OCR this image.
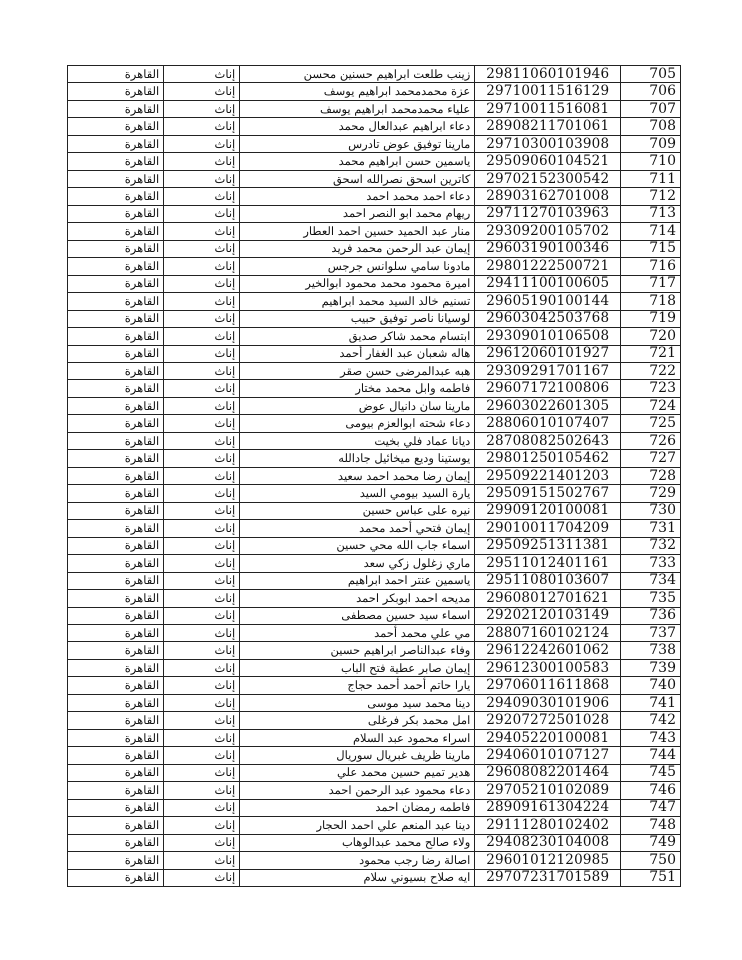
القاهرة	إناث	زينب طلعت ابراهيم حسنين محسن	29811060101946	705
القاهرة	إناث	عزة محمدمحمد ابراهيم يوسف	29710011516129	706
القاهرة	إناث	علياء محمدمحمد ابراهيم يوسف	29710011516081	707
القاهرة	إناث	دعاء ابراهيم عبدالعال محمد	28908211701061	708
القاهرة	إناث	مارينا توفيق عوض تادرس	29710300103908	709
القاهرة	إناث	ياسمين حسن ابراهيم محمد	29509060104521	710
القاهرة	إناث	كاترين اسحق نصرالله اسحق	29702152300542	711
القاهرة	إناث	دعاء احمد محمد احمد	28903162701008	712
القاهرة	إناث	ريهام محمد ابو النصر احمد	29711270103963	713
القاهرة	إناث	منار عبد الحميد حسين احمد العطار	29309200105702	714
القاهرة	إناث	إيمان عبد الرحمن محمد فريد	29603190100346	715
القاهرة	إناث	مادونا سامي سلوانس جرجس	29801222500721	716
القاهرة	إناث	اميرة محمود محمد محمود ابوالخير	29411100100605	717
القاهرة	إناث	تسنيم خالد السيد محمد ابراهيم	29605190100144	718
القاهرة	إناث	لوسيانا ناصر توفيق حبيب	29603042503768	719
القاهرة	إناث	ابتسام محمد شاكر صديق	29309010106508	720
القاهرة	إناث	هاله شعبان عبد الغفار أحمد	29612060101927	721
القاهرة	إناث	هبه عبدالمرضى حسن صقر	29309291701167	722
القاهرة	إناث	فاطمه وابل محمد مختار	29607172100806	723
القاهرة	إناث	مارينا سان دانيال عوض	29603022601305	724
القاهرة	إناث	دعاء شحته ابوالعزم بيومى	28806010107407	725
القاهرة	إناث	ديانا عماد فلي بخيت	28708082502643	726
القاهرة	إناث	يوستينا وديع ميخائيل جادالله	29801250105462	727
القاهرة	إناث	إيمان رضا محمد احمد سعيد	29509221401203	728
القاهرة	إناث	يارة السيد بيومي السيد	29509151502767	729
القاهرة	إناث	نيره على عباس حسين	29909120100081	730
القاهرة	إناث	إيمان فتحي أحمد محمد	29010011704209	731
القاهرة	إناث	اسماء جاب الله محي حسين	29509251311381	732
القاهرة	إناث	ماري زغلول زكي سعد	29511012401161	733
القاهرة	إناث	ياسمين عنتر احمد ابراهيم	29511080103607	734
القاهرة	إناث	مديحه احمد ابوبكر احمد	29608012701621	735
القاهرة	إناث	اسماء سيد حسين مصطفى	29202120103149	736
القاهرة	إناث	مي علي محمد أحمد	28807160102124	737
القاهرة	إناث	وفاء عبدالناصر ابراهيم حسين	29612242601062	738
القاهرة	إناث	إيمان صابر عطية فتح الباب	29612300100583	739
القاهرة	إناث	يارا حاتم أحمد أحمد حجاج	29706011611868	740
القاهرة	إناث	دينا محمد سيد موسى	29409030101906	741
القاهرة	إناث	امل محمد بكر فرغلى	29207272501028	742
القاهرة	إناث	اسراء محمود عبد السلام	29405220100081	743
القاهرة	إناث	مارينا ظريف غبريال سوريال	29406010107127	744
القاهرة	إناث	هدير تميم حسين محمد علي	29608082201464	745
القاهرة	إناث	دعاء محمود عبد الرحمن احمد	29705210102089	746
القاهرة	إناث	فاطمه رمضان احمد	28909161304224	747
القاهرة	إناث	دينا عبد المنعم علي احمد الحجار	29111280102402	748
القاهرة	إناث	ولاء صالح محمد عبدالوهاب	29408230104008	749
القاهرة	إناث	اصالة رضا رجب محمود	29601012120985	750
القاهرة	إناث	ايه صلاح بسيوني سلام	29707231701589	751
